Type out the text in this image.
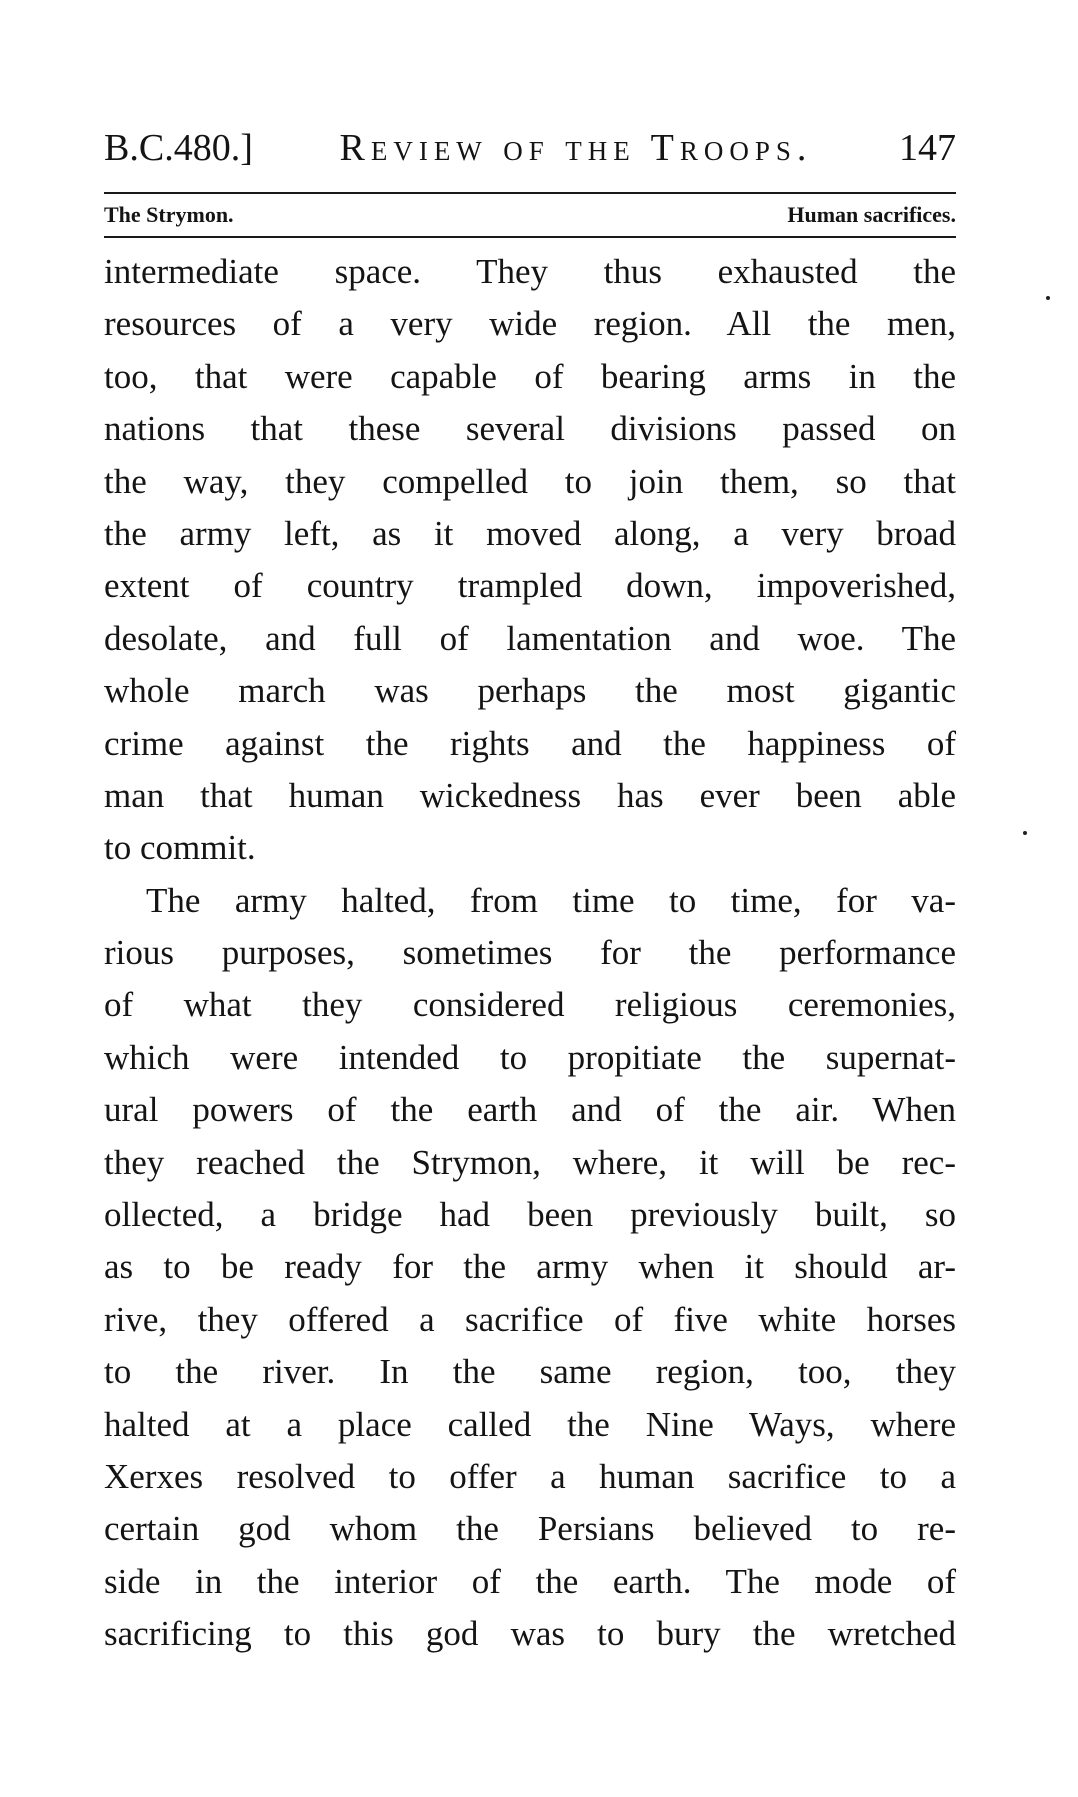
B.C.480.] Review of the Troops. 147
The Strymon.	Human sacrifices.
intermediate space. They thus exhausted the
resources of a very wide region. All the men,
too, that were capable of bearing arms in the
nations that these several divisions passed on
the way, they compelled to join them, so that
the army left, as it moved along, a very broad
extent of country trampled down, impoverished,
desolate, and full of lamentation and woe. The
whole march was perhaps the most gigantic
crime against the rights and the happiness of
man that human wickedness has ever been able
to commit.
The army halted, from time to time, for va-
rious purposes, sometimes for the performance
of what they considered religious ceremonies,
which were intended to propitiate the supernat-
ural powers of the earth and of the air. When
they reached the Strymon, where, it will be rec-
ollected, a bridge had been previously built, so
as to be ready for the army when it should ar-
rive, they offered a sacrifice of five white horses
to the river. In the same region, too, they
halted at a place called the Nine Ways, where
Xerxes resolved to offer a human sacrifice to a
certain god whom the Persians believed to re-
side in the interior of the earth. The mode of
sacrificing to this god was to bury the wretched
